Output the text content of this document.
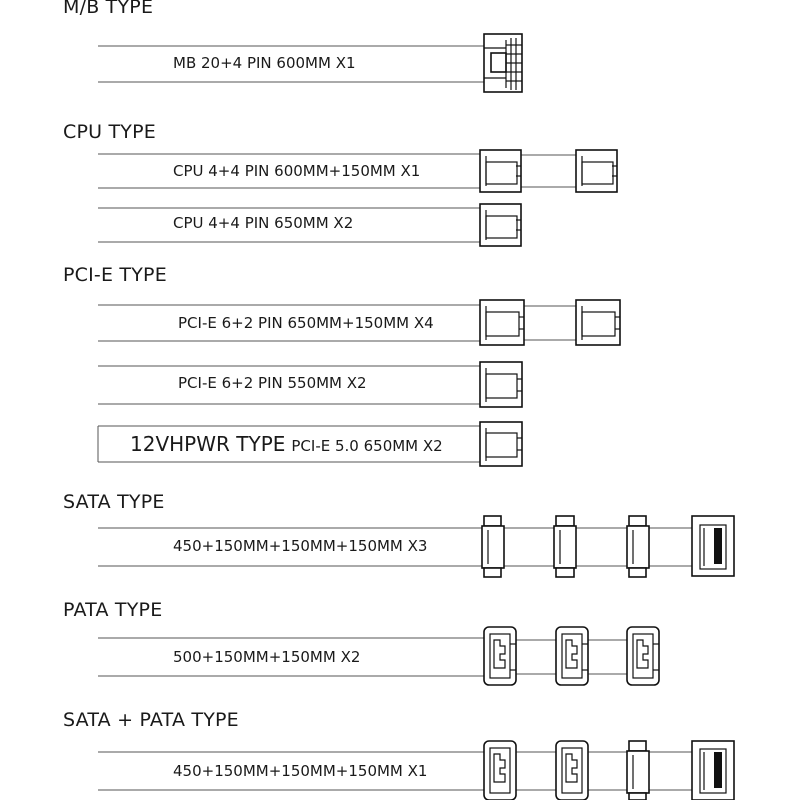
M/B TYPE
CPU TYPE
PCI-E TYPE
SATA TYPE
PATA TYPE
SATA + PATA TYPE
MB 20+4 PIN 600MM X1
CPU 4+4 PIN 600MM+150MM X1
CPU 4+4 PIN 650MM X2
PCI-E 6+2 PIN 650MM+150MM X4
PCI-E 6+2 PIN 550MM X2
12VHPWR TYPE PCI-E 5.0 650MM X2
450+150MM+150MM+150MM X3
500+150MM+150MM X2
450+150MM+150MM+150MM X1
